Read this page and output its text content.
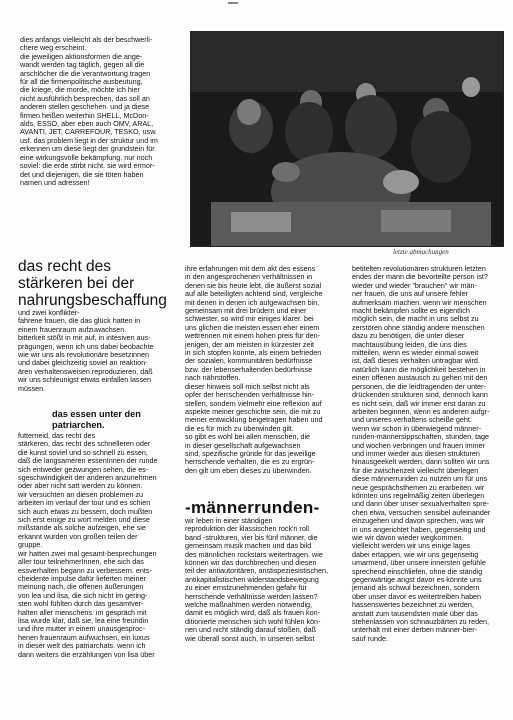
dies anfangs vielleicht als der beschwerli-
chere weg erscheint.
die jeweiligen aktionsformen die ange-
wandt werden tag täglich, gegen all die
arschlöcher die die verantwortung tragen
für all die firmenpolitische ausbeutung,
die kriege, die morde, möchte ich hier
nicht ausführlich besprechen, das soll an
anderen stellen geschehen. und ja diese
firmen heißen weiterhin SHELL, McDon-
alds, ESSO, aber eben auch OMV, ARAL,
AVANTI, JET, CARREFOUR, TESKO, usw.
usf. das problem liegt in der struktur und im
erkennen um diese liegt der grundstein für
eine wirkungsvolle bekämpfung. nur noch
soviel: die erde stirbt nicht. sie wird ermor-
det und diejenigen, die sie töten haben
namen und adressen!
letzte abmachungen
das recht des
stärkeren bei der
nahrungsbeschaffung
und zwei konflikter-
fahrene frauen, die das glück hatten in
einem frauenraum aufzuwachsen.
bitterkeit stößt in mir auf, in intesiven aus-
prägungen, wenn ich uns dabei beobachte
wie wir uns als revolutionäre besetzinnen
und dabei gleichzeitig soviel an reaktion-
ären verhaltensweisen reproduzieren, daß
wir uns schleunigst etwas einfallen lassen
müssen.
das essen unter den
patriarchen.
futterneid, das recht des
stärkeren, das recht des schnelleren oder
die kunst soviel und so schnell zu essen,
daß die langsameren essenInnen der runde
sich entweder gezwungen sehen, die es-
sgeschwindigkeit der anderen anzunehmen
oder aber nicht satt werden zu können.
wir versuchten an diesen problemen zu
arbeiten im verlauf der tour und es schien
sich auch etwas zu bessern, doch mußten
sich erst einige zu wort melden und diese
mißstände als solche aufzeigen, ehe sie
erkannt wurden von großen teilen der
gruppe.
wir hatten zwei mal gesamt-besprechungen
aller tour teilnehmerInnen, ehe sich das
essverhalten begann zu verbessern. ents-
cheidente impulse dafür lieferten meiner
meinung nach, die offenen äußerungen
von lea und lisa, die sich nicht im gering-
sten wohl fühlten durch das gesamtver-
halten aller menschens. im gespräch mit
lisa wurde klar, daß sie, lea eine freundin
und ihre mutter in einem unausgesproc-
henen frauenraum aufwuchsen, ein luxus
in dieser welt des patriarchats. wenn ich
dann weiters die erzählungen von lisa über
ihre erfahrungen mit dem akt des essens
in den angesprochenen verhältnissen in
denen sie bis heute lebt, die äußerst sozial
auf alle beteiligten achtend sind, vergleiche
mit denen in denen ich aufgewachsen bin,
gemeinsam mit drei brüdern und einer
schwester, so wird mir einiges klarer. bei
uns glichen die meisten essen eher einem
wettrennen mit einem hohen preis für den-
jenigen, der am meisten in kürzester zeit
in sich stopfen konnte, als einem befrieden
der sozialen, kommunitären bedürfnisse
bzw. der lebenserhaltenden bedürfnisse
nach nährstoffen.
dieser hinweis soll mich selbst nicht als
opfer der herrschenden verhältnisse hin-
stellen, sondern vielmehr eine reflexion auf
aspekte meiner geschichte sein, die mit zu
meiner entwicklung beigetragen haben und
die es für mich zu überwinden gilt.
so gibt es wohl bei allen menschen, die
in dieser gesellschaft aufgewachsen
sind, spezifische gründe für das jeweilige
herrschende verhalten, die es zu ergrün-
den gilt um eben dieses zu überwinden.
-männerrunden-
wir leben in einer ständigen
reproduktion der klassischen rock'n roll
band -strukturen, vier bis fünf männer, die
gemeinsam musik machen und das bild
des männlichen rockstars weitertragen. wie
können wir das durchbrechen und diesen
teil der antiautoritären, anstispeziesistischen,
antikapitalistischen widerstandsbewegung
zu einer ernstzunehmenden gefahr für
herrschende verhältnisse werden lassen?
welche maßnahmen werden notwendig,
damit es möglich wird, daß als frauen kon-
ditionierte menschen sich wohl fühlen kön-
nen und nicht ständig darauf stoßen, daß
wie überall sonst auch, in unseren selbst
betitelten revolutionären strukturen letzten
endes der mann die bevorteilte person ist?
wieder und wieder "brauchen" wir män-
ner frauen, die uns auf unsere fehler
aufmerksam machen. wenn wir menschen
macht bekämpfen sollte es eigentlich
möglich sein, die macht in uns selbst zu
zerstören ohne ständig andere menschen
dazu zu benötigen, die unter dieser
machtausübung leiden, die uns dies
mitteilen, wenn es wieder einmal soweit
ist, daß dieses verhalten untragbar wird.
natürlich kann die möglichkeit bestehen in
einen offenen austausch zu gehen mit den
personen, die die leidtragenden der unter-
drückenden strukturen sind, dennoch kann
es nicht sein, daß wir immer erst daran zu
arbeiten beginnen, wenn es anderen aufgr-
und unseres verhaltens scheiße geht.
wenn wir schon in überwiegend männer-
runden-männersippschaften, stunden, tage
und wochen verbringen und frauen immer
und immer wieder aus diesen strukturen
hinausgeekelt werden, dann sollten wir uns
für die zwischenzeit vielleicht überlegen
diese männerrunden zu nutzen um für uns
neue gesprächsthemen zu erarbeiten. wir
könnten uns regelmäßig zeiten überlegen
und dann über unser sexualverhalten spre-
chen etwa, versuchen sensibel aufeinander
einzugehen und davon sprechen, was wir
in uns angerichtet haben, gegenseitig und
wie wir davon wieder wegkommen.
vielleicht werden wir uns einige lages
dabei ertappen, wie wir uns gegenseitig
umarmend, über unsere innersten gefühle
sprechend einschliefen, ohne die ständig
gegenwärtige angst davor es könnte uns
jemand als schwul bezeichnen, sondern
über unser davor es weitertreiben haben
hassenswertes bezeichnet zu werden,
anstatt zum tausendsten male über das
stehenlassen von schnauzbärten zu reden,
unterhalt mit einer derben männer-bier-
sauf runde.
